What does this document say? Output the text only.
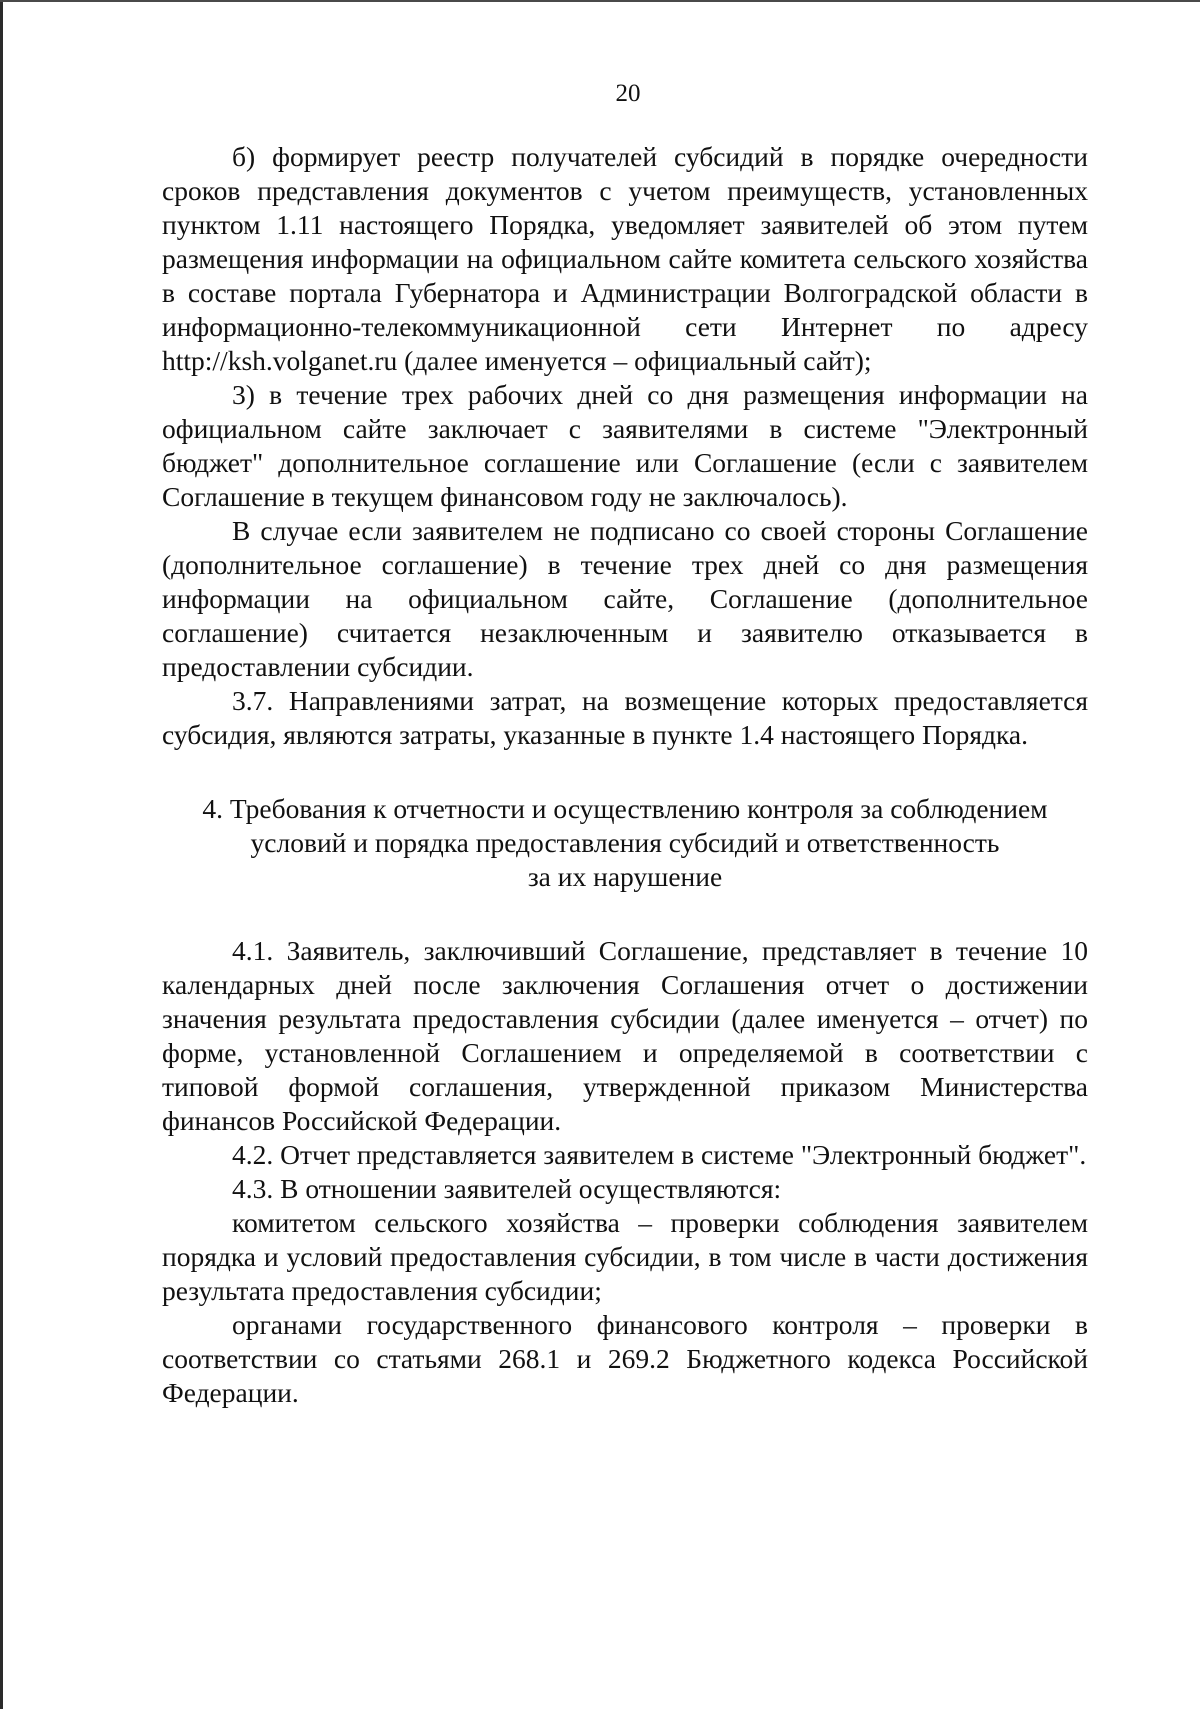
20

б) формирует реестр получателей субсидий в порядке очередности сроков представления документов с учетом преимуществ, установленных пунктом 1.11 настоящего Порядка, уведомляет заявителей об этом путем размещения информации на официальном сайте комитета сельского хозяйства в составе портала Губернатора и Администрации Волгоградской области в информационно-телекоммуникационной сети Интернет по адресу http://ksh.volganet.ru (далее именуется – официальный сайт);

3) в течение трех рабочих дней со дня размещения информации на официальном сайте заключает с заявителями в системе "Электронный бюджет" дополнительное соглашение или Соглашение (если с заявителем Соглашение в текущем финансовом году не заключалось).

В случае если заявителем не подписано со своей стороны Соглашение (дополнительное соглашение) в течение трех дней со дня размещения информации на официальном сайте, Соглашение (дополнительное соглашение) считается незаключенным и заявителю отказывается в предоставлении субсидии.

3.7. Направлениями затрат, на возмещение которых предоставляется субсидия, являются затраты, указанные в пункте 1.4 настоящего Порядка.

4. Требования к отчетности и осуществлению контроля за соблюдением
условий и порядка предоставления субсидий и ответственность
за их нарушение

4.1. Заявитель, заключивший Соглашение, представляет в течение 10 календарных дней после заключения Соглашения отчет о достижении значения результата предоставления субсидии (далее именуется – отчет) по форме, установленной Соглашением и определяемой в соответствии с типовой формой соглашения, утвержденной приказом Министерства финансов Российской Федерации.

4.2. Отчет представляется заявителем в системе "Электронный бюджет".

4.3. В отношении заявителей осуществляются:

комитетом сельского хозяйства – проверки соблюдения заявителем порядка и условий предоставления субсидии, в том числе в части достижения результата предоставления субсидии;

органами государственного финансового контроля – проверки в соответствии со статьями 268.1 и 269.2 Бюджетного кодекса Российской Федерации.
